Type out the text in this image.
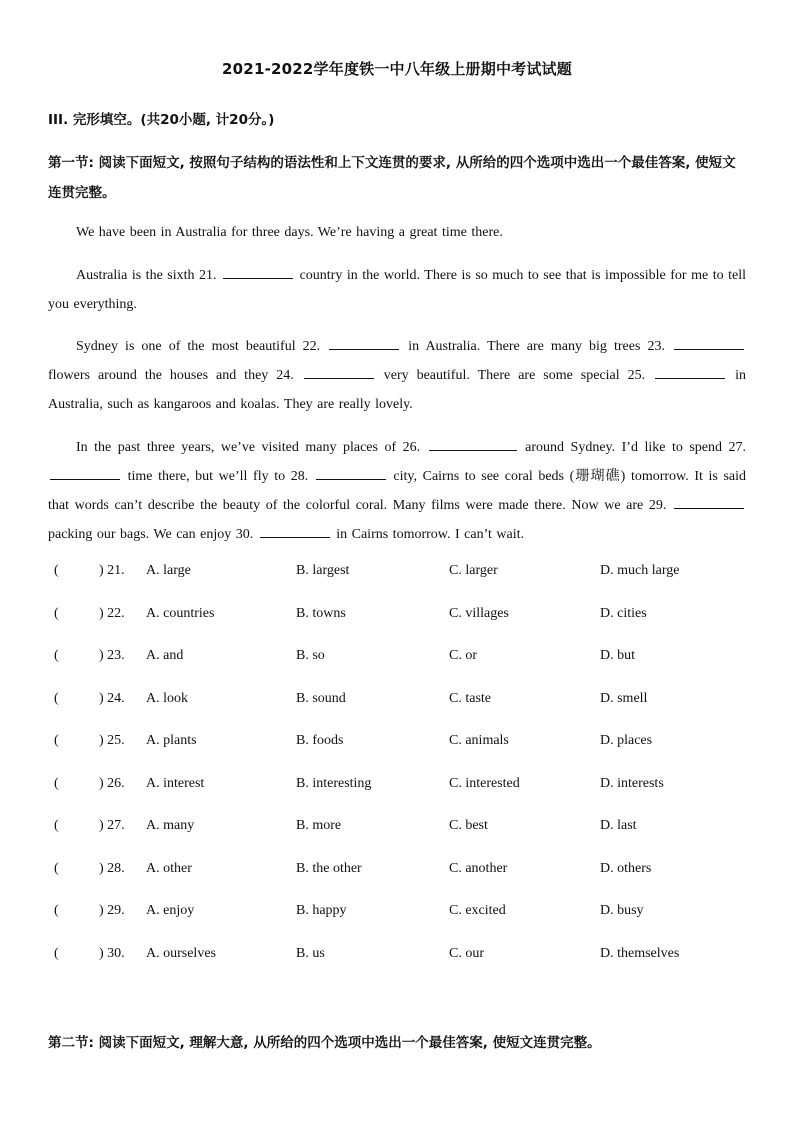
2021-2022学年度铁一中八年级上册期中考试试题
III. 完形填空。(共20小题, 计20分。)
第一节: 阅读下面短文, 按照句子结构的语法性和上下文连贯的要求, 从所给的四个选项中选出一个最佳答案, 使短文连贯完整。
We have been in Australia for three days. We’re having a great time there.
Australia is the sixth 21.	country in the world. There is so much to see that is impossible for me to tell you everything.
Sydney is one of the most beautiful 22.	in Australia. There are many big trees 23.  flowers around the houses and they 24.	very beautiful. There are some special 25.	in Australia, such as kangaroos and koalas. They are really lovely.
In the past three years, we’ve visited many places of 26.	around Sydney. I’d like to spend 27.  time there, but we’ll fly to 28.	city, Cairns to see coral beds (珊瑚礁) tomorrow. It is said that words can’t describe the beauty of the colorful coral. Many films were made there. Now we are 29.  packing our bags. We can enjoy 30.	in Cairns tomorrow. I can’t wait.
(	) 21. A. large	B. largest	C. larger	D. much large
(	) 22. A. countries	B. towns	C. villages	D. cities
(	) 23. A. and	B. so	C. or	D. but
(	) 24. A. look	B. sound	C. taste	D. smell
(	) 25. A. plants	B. foods	C. animals	D. places
(	) 26. A. interest	B. interesting	C. interested	D. interests
(	) 27. A. many	B. more	C. best	D. last
(	) 28. A. other	B. the other	C. another	D. others
(	) 29. A. enjoy	B. happy	C. excited	D. busy
(	) 30. A. ourselves	B. us	C. our	D. themselves
第二节: 阅读下面短文, 理解大意, 从所给的四个选项中选出一个最佳答案, 使短文连贯完整。
